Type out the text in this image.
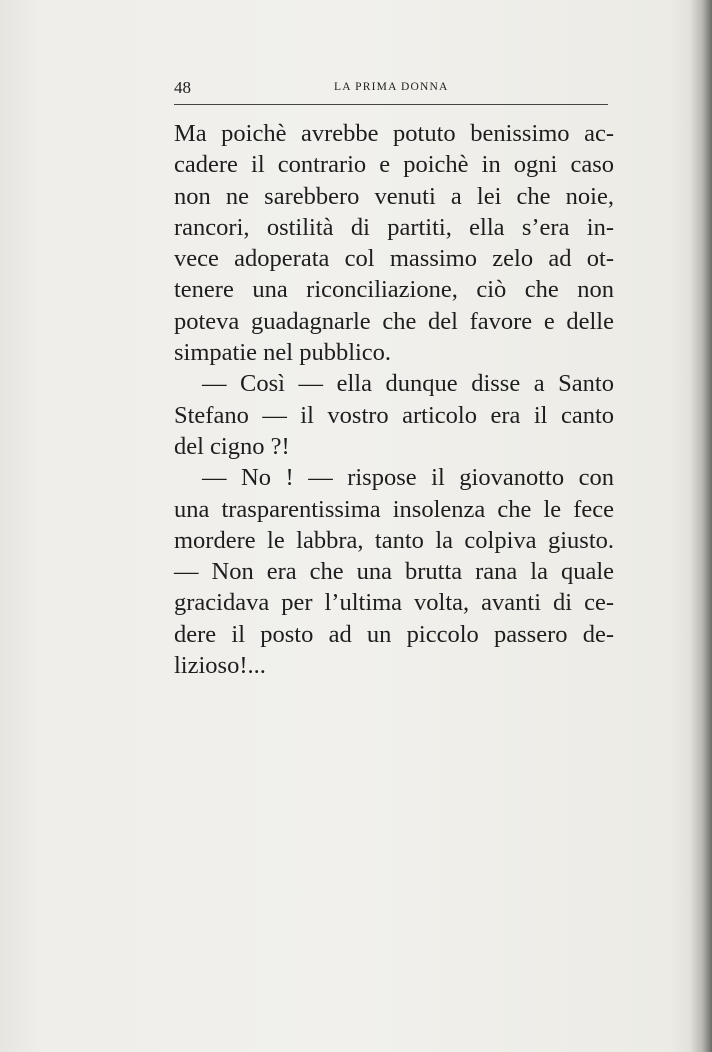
48	LA PRIMA DONNA
Ma poichè avrebbe potuto benissimo ac-
cadere il contrario e poichè in ogni caso
non ne sarebbero venuti a lei che noie,
rancori, ostilità di partiti, ella s’era in-
vece adoperata col massimo zelo ad ot-
tenere una riconciliazione, ciò che non
poteva guadagnarle che del favore e delle
simpatie nel pubblico.
— Così — ella dunque disse a Santo
Stefano — il vostro articolo era il canto
del cigno ?!
— No ! — rispose il giovanotto con
una trasparentissima insolenza che le fece
mordere le labbra, tanto la colpiva giusto.
— Non era che una brutta rana la quale
gracidava per l’ultima volta, avanti di ce-
dere il posto ad un piccolo passero de-
lizioso!...
